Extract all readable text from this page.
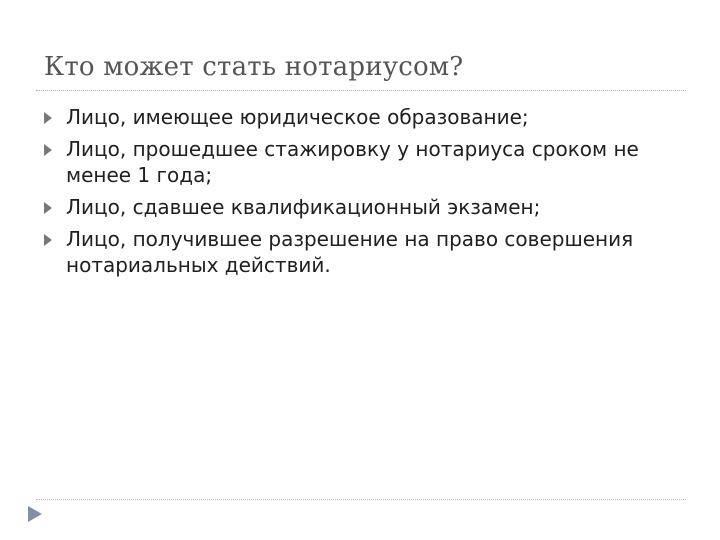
Кто может стать нотариусом?
Лицо, имеющее юридическое образование;
Лицо, прошедшее стажировку у нотариуса сроком не менее 1 года;
Лицо, сдавшее квалификационный экзамен;
Лицо, получившее разрешение на право совершения нотариальных действий.
